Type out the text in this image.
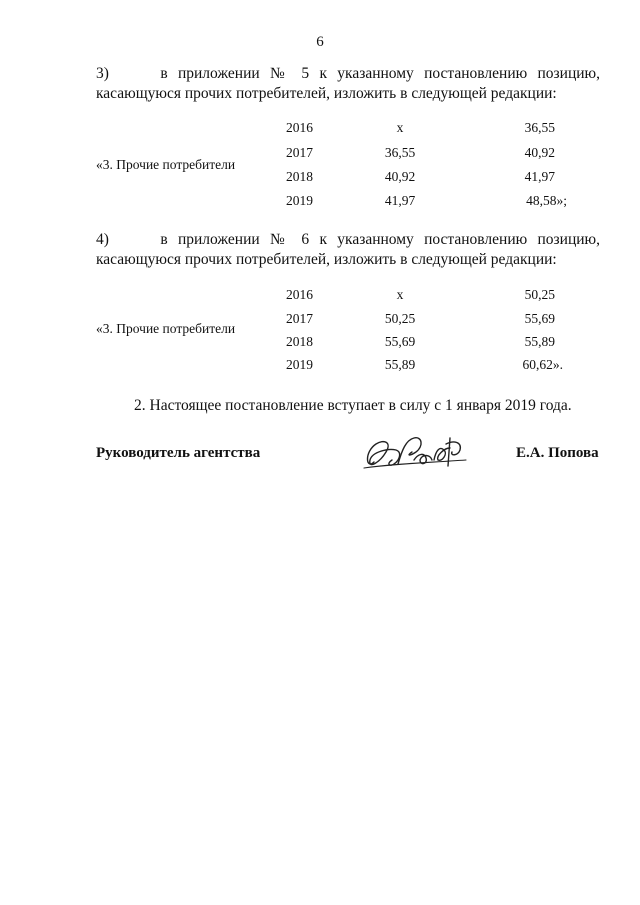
6
3)     в приложении № 5 к указанному постановлению позицию,
касающуюся прочих потребителей, изложить в следующей редакции:
«3. Прочие потребители
2016	х	36,55
2017	36,55	40,92
2018	40,92	41,97
2019	41,97	48,58»;
4)     в приложении № 6 к указанному постановлению позицию,
касающуюся прочих потребителей, изложить в следующей редакции:
«3. Прочие потребители
2016	х	50,25
2017	50,25	55,69
2018	55,69	55,89
2019	55,89	60,62».
2. Настоящее постановление вступает в силу с 1 января 2019 года.
Руководитель агентства	Е.А. Попова
